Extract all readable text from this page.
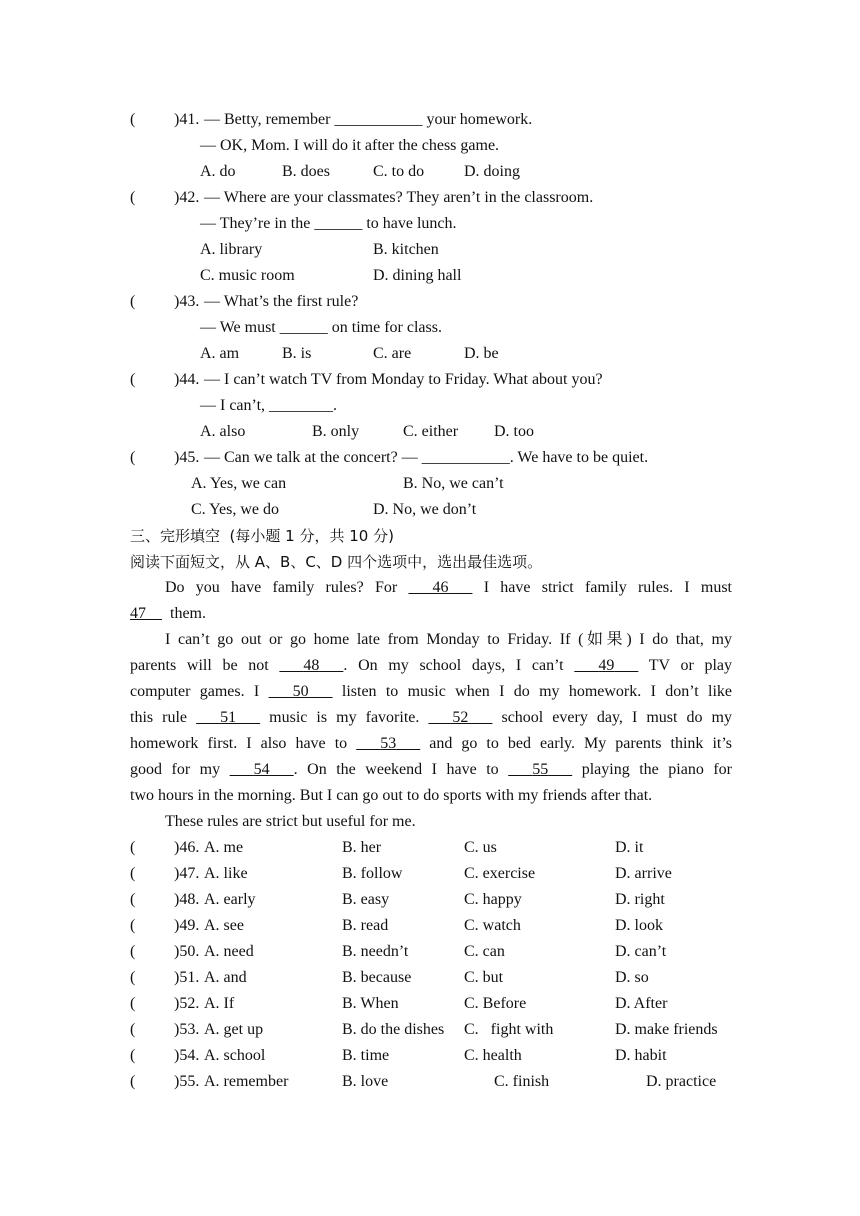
( )41. — Betty, remember ___________ your homework.
— OK, Mom. I will do it after the chess game.
A. do	B. does	C. to do D. doing
( )42. — Where are your classmates? They aren’t in the classroom.
— They’re in the ______ to have lunch.
A. library	B. kitchen
C. music room	D. dining hall
( )43. — What’s the first rule?
— We must ______ on time for class.
A. am	B. is	C. are	D. be
( )44. — I can’t watch TV from Monday to Friday. What about you?
— I can’t, ________.
A. also	B. only	C. either D. too
( )45. — Can we talk at the concert? — ___________. We have to be quiet.
A. Yes, we can	B. No, we can’t
C. Yes, we do	D. No, we don’t
三、完形填空  (每小题 1 分，共 10 分)
阅读下面短文，从 A、B、C、D 四个选项中，选出最佳选项。
Do you have family rules? For    46   I have strict family rules. I must
47  them.
I can’t go out or go home late from Monday to Friday. If (如果) I do that, my
parents will be not    48   . On my school days, I can’t    49   TV or play
computer games. I    50   listen to music when I do my homework. I don’t like
this rule    51   music is my favorite.    52   school every day, I must do my
homework first. I also have to    53   and go to bed early. My parents think it’s
good for my    54   . On the weekend I have to    55   playing the piano for
two hours in the morning. But I can go out to do sports with my friends after that.
These rules are strict but useful for me.
( )46. A. me	B. her	C. us	D. it
( )47. A. like	B. follow	C. exercise	D. arrive
( )48. A. early	B. easy	C. happy	D. right
( )49. A. see	B. read	C. watch	D. look
( )50. A. need	B. needn’t	C. can	D. can’t
( )51. A. and	B. because	C. but	D. so
( )52. A. If	B. When	C. Before	D. After
( )53. A. get up	B. do the dishes C.   fight with	D. make friends
( )54. A. school	B. time	C. health	D. habit
( )55. A. remember	B. love	C. finish	D. practice
